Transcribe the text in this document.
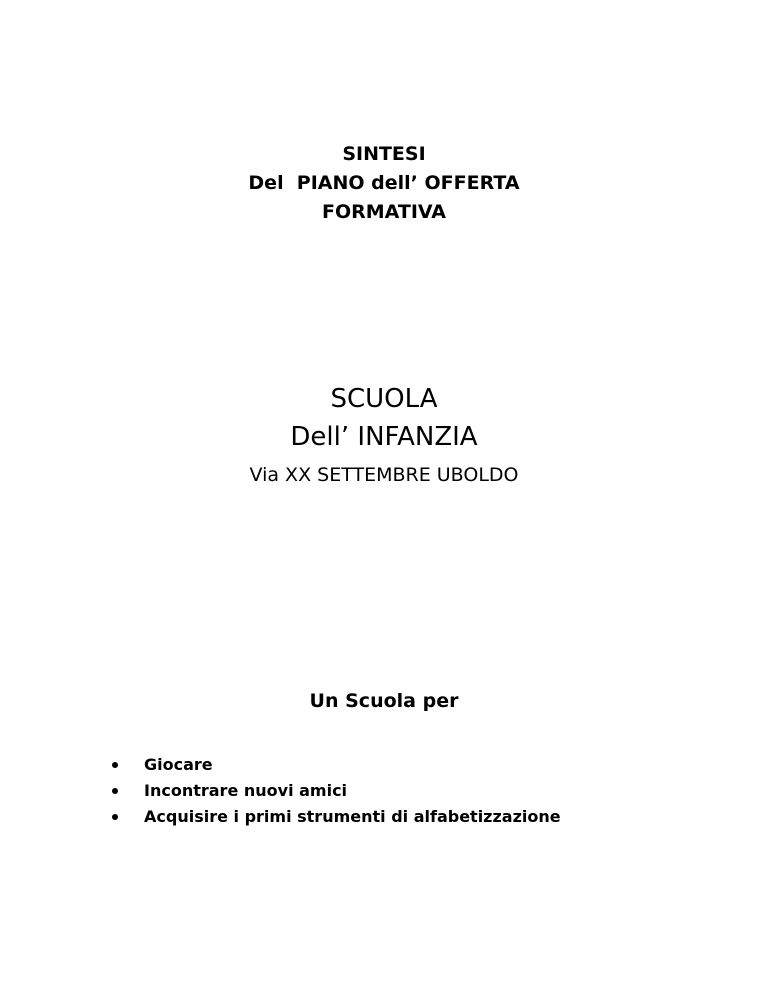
SINTESI
Del  PIANO dell’ OFFERTA
FORMATIVA
SCUOLA
Dell’ INFANZIA
Via XX SETTEMBRE UBOLDO
Un Scuola per
Giocare
Incontrare nuovi amici
Acquisire i primi strumenti di alfabetizzazione
